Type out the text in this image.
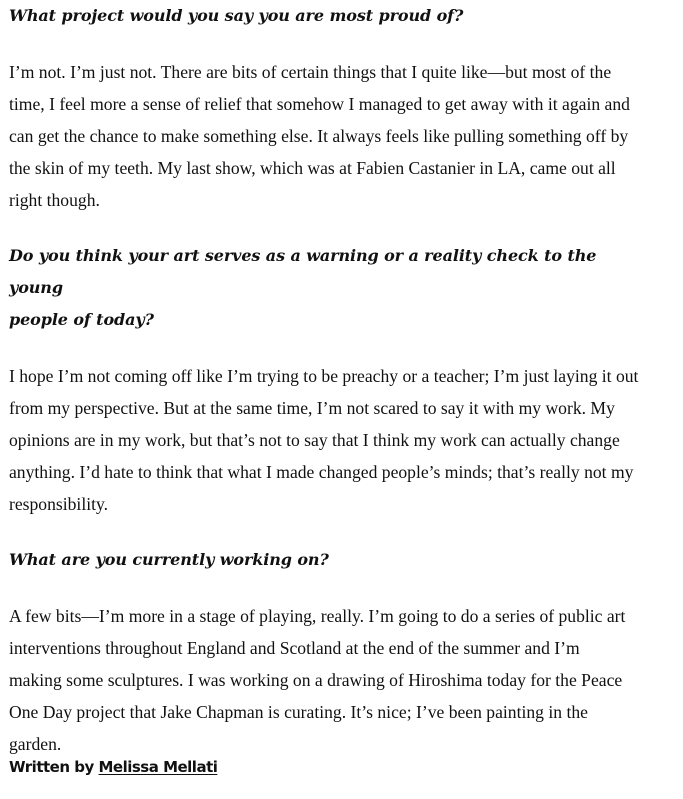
What project would you say you are most proud of?

I’m not. I’m just not. There are bits of certain things that I quite like—but most of the

time, I feel more a sense of relief that somehow I managed to get away with it again and

can get the chance to make something else. It always feels like pulling something off by

the skin of my teeth. My last show, which was at Fabien Castanier in LA, came out all

right though.

Do you think your art serves as a warning or a reality check to the young

people of today?

I hope I’m not coming off like I’m trying to be preachy or a teacher; I’m just laying it out

from my perspective. But at the same time, I’m not scared to say it with my work. My

opinions are in my work, but that’s not to say that I think my work can actually change

anything. I’d hate to think that what I made changed people’s minds; that’s really not my

responsibility.

What are you currently working on?

A few bits—I’m more in a stage of playing, really. I’m going to do a series of public art

interventions throughout England and Scotland at the end of the summer and I’m

making some sculptures. I was working on a drawing of Hiroshima today for the Peace

One Day project that Jake Chapman is curating. It’s nice; I’ve been painting in the

garden.

Written by Melissa Mellati
